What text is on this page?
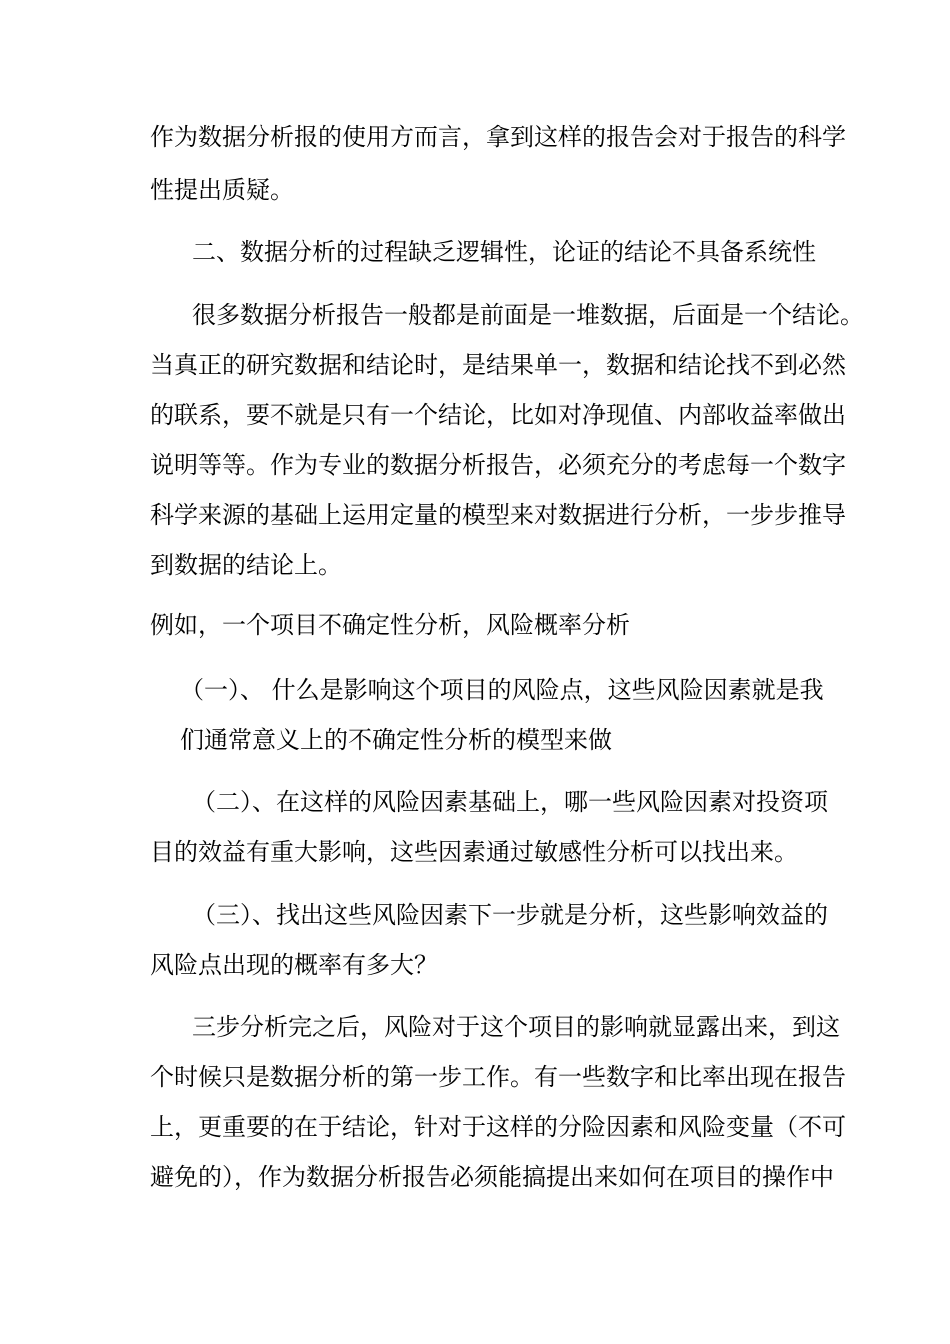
作为数据分析报的使用方而言，拿到这样的报告会对于报告的科学
性提出质疑。
二、数据分析的过程缺乏逻辑性，论证的结论不具备系统性
很多数据分析报告一般都是前面是一堆数据，后面是一个结论。
当真正的研究数据和结论时，是结果单一，数据和结论找不到必然
的联系，要不就是只有一个结论，比如对净现值、内部收益率做出
说明等等。作为专业的数据分析报告，必须充分的考虑每一个数字
科学来源的基础上运用定量的模型来对数据进行分析，一步步推导
到数据的结论上。
例如，一个项目不确定性分析，风险概率分析
（一）、 什么是影响这个项目的风险点，这些风险因素就是我
们通常意义上的不确定性分析的模型来做
（二）、在这样的风险因素基础上，哪一些风险因素对投资项
目的效益有重大影响，这些因素通过敏感性分析可以找出来。
（三）、找出这些风险因素下一步就是分析，这些影响效益的
风险点出现的概率有多大？
三步分析完之后，风险对于这个项目的影响就显露出来，到这
个时候只是数据分析的第一步工作。有一些数字和比率出现在报告
上，更重要的在于结论，针对于这样的分险因素和风险变量（不可
避免的），作为数据分析报告必须能搞提出来如何在项目的操作中
